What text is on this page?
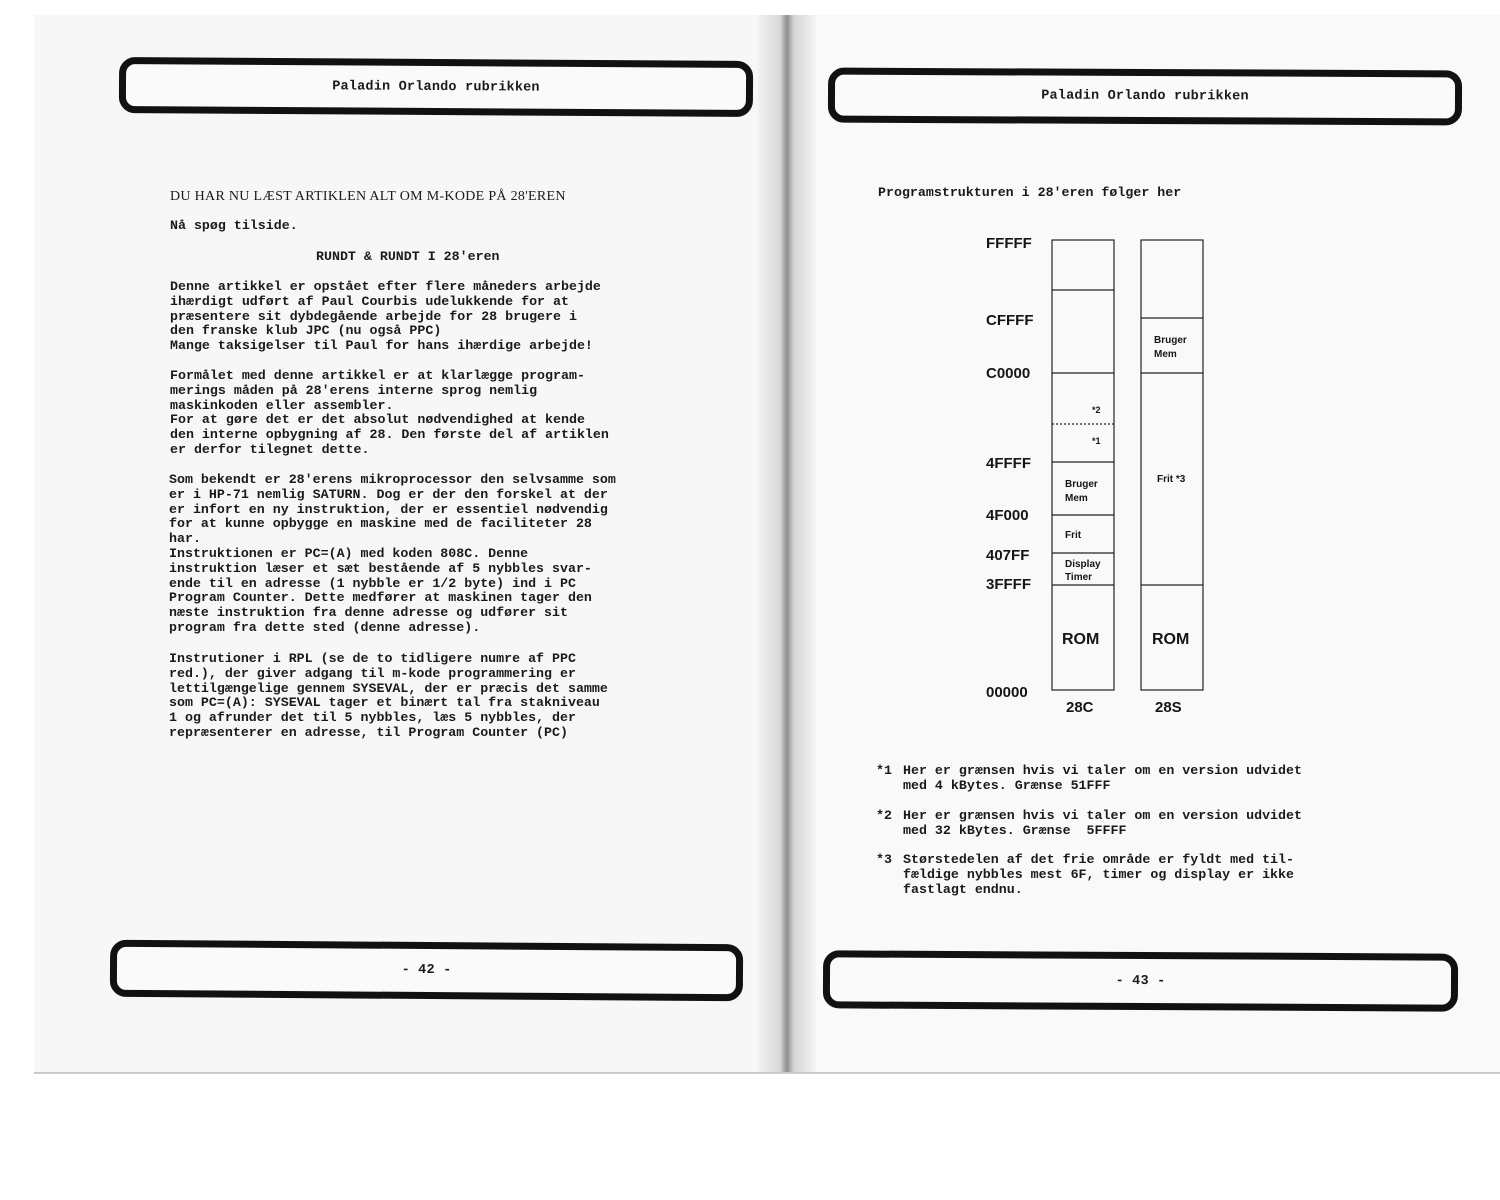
Paladin Orlando rubrikken
DU HAR NU LÆST ARTIKLEN ALT OM M-KODE PÅ 28'EREN
Nå spøg tilside.
RUNDT & RUNDT I 28'eren
Denne artikkel er opstået efter flere måneders arbejde
ihærdigt udført af Paul Courbis udelukkende for at
præsentere sit dybdegående arbejde for 28 brugere i
den franske klub JPC (nu også PPC)
Mange taksigelser til Paul for hans ihærdige arbejde!
Formålet med denne artikkel er at klarlægge program-
merings måden på 28'erens interne sprog nemlig
maskinkoden eller assembler.
For at gøre det er det absolut nødvendighed at kende
den interne opbygning af 28. Den første del af artiklen
er derfor tilegnet dette.
Som bekendt er 28'erens mikroprocessor den selvsamme som
er i HP-71 nemlig SATURN. Dog er der den forskel at der
er infort en ny instruktion, der er essentiel nødvendig
for at kunne opbygge en maskine med de faciliteter 28
har.
Instruktionen er PC=(A) med koden 808C. Denne
instruktion læser et sæt bestående af 5 nybbles svar-
ende til en adresse (1 nybble er 1/2 byte) ind i PC
Program Counter. Dette medfører at maskinen tager den
næste instruktion fra denne adresse og udfører sit
program fra dette sted (denne adresse).
Instrutioner i RPL (se de to tidligere numre af PPC
red.), der giver adgang til m-kode programmering er
lettilgængelige gennem SYSEVAL, der er præcis det samme
som PC=(A): SYSEVAL tager et binært tal fra stakniveau
1 og afrunder det til 5 nybbles, læs 5 nybbles, der
repræsenterer en adresse, til Program Counter (PC)
- 42 -
Paladin Orlando rubrikken
Programstrukturen i 28'eren følger her
FFFFF
CFFFF
C0000
4FFFF
4F000
407FF
3FFFF
00000
*2
*1
Bruger
Mem
Frit
Display
Timer
ROM
28C
Bruger
Mem
Frit *3
ROM
28S
*1 Her er grænsen hvis vi taler om en version udvidet
med 4 kBytes. Grænse 51FFF
*2 Her er grænsen hvis vi taler om en version udvidet
med 32 kBytes. Grænse  5FFFF
*3 Størstedelen af det frie område er fyldt med til-
fældige nybbles mest 6F, timer og display er ikke
fastlagt endnu.
- 43 -
